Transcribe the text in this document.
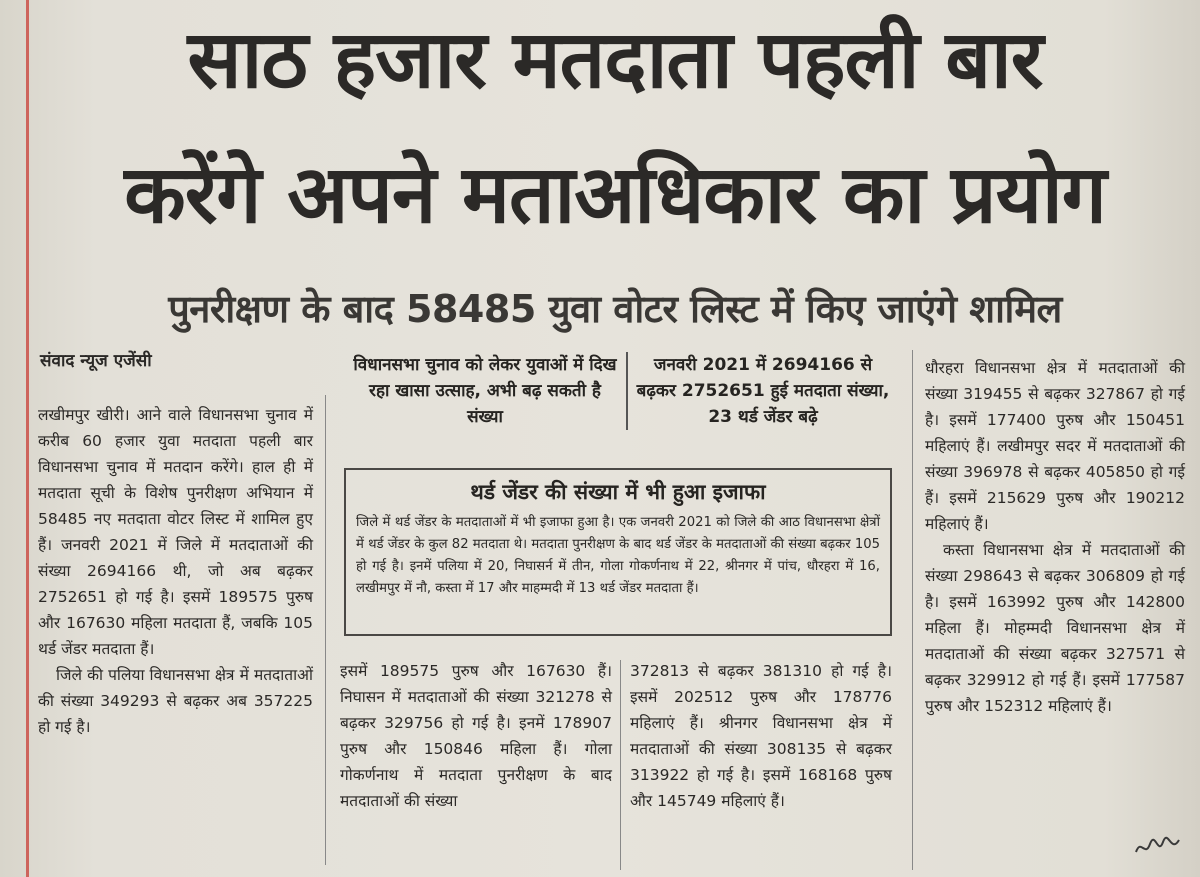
साठ हजार मतदाता पहली बार
करेंगे अपने मताअधिकार का प्रयोग
पुनरीक्षण के बाद 58485 युवा वोटर लिस्ट में किए जाएंगे शामिल
संवाद न्यूज एजेंसी

लखीमपुर खीरी। आने वाले विधानसभा चुनाव में करीब 60 हजार युवा मतदाता पहली बार विधानसभा चुनाव में मतदान करेंगे। हाल ही में मतदाता सूची के विशेष पुनरीक्षण अभियान में 58485 नए मतदाता वोटर लिस्ट में शामिल हुए हैं। जनवरी 2021 में जिले में मतदाताओं की संख्या 2694166 थी, जो अब बढ़कर 2752651 हो गई है। इसमें 189575 पुरुष और 167630 महिला मतदाता हैं, जबकि 105 थर्ड जेंडर मतदाता हैं।

जिले की पलिया विधानसभा क्षेत्र में मतदाताओं की संख्या 349293 से बढ़कर अब 357225 हो गई है।

विधानसभा चुनाव को लेकर युवाओं में दिख रहा खासा उत्साह, अभी बढ़ सकती है संख्या
जनवरी 2021 में 2694166 से बढ़कर 2752651 हुई मतदाता संख्या, 23 थर्ड जेंडर बढ़े
थर्ड जेंडर की संख्या में भी हुआ इजाफा

जिले में थर्ड जेंडर के मतदाताओं में भी इजाफा हुआ है। एक जनवरी 2021 को जिले की आठ विधानसभा क्षेत्रों में थर्ड जेंडर के कुल 82 मतदाता थे। मतदाता पुनरीक्षण के बाद थर्ड जेंडर के मतदाताओं की संख्या बढ़कर 105 हो गई है। इनमें पलिया में 20, निघासर्न में तीन, गोला गोकर्णनाथ में 22, श्रीनगर में पांच, धौरहरा में 16, लखीमपुर में नौ, कस्ता में 17 और माहम्मदी में 13 थर्ड जेंडर मतदाता हैं।

इसमें 189575 पुरुष और 167630 हैं। निघासन में मतदाताओं की संख्या 321278 से बढ़कर 329756 हो गई है। इनमें 178907 पुरुष और 150846 महिला हैं। गोला गोकर्णनाथ में मतदाता पुनरीक्षण के बाद मतदाताओं की संख्या

372813 से बढ़कर 381310 हो गई है। इसमें 202512 पुरुष और 178776 महिलाएं हैं। श्रीनगर विधानसभा क्षेत्र में मतदाताओं की संख्या 308135 से बढ़कर 313922 हो गई है। इसमें 168168 पुरुष और 145749 महिलाएं हैं।

धौरहरा विधानसभा क्षेत्र में मतदाताओं की संख्या 319455 से बढ़कर 327867 हो गई है। इसमें 177400 पुरुष और 150451 महिलाएं हैं। लखीमपुर सदर में मतदाताओं की संख्या 396978 से बढ़कर 405850 हो गई हैं। इसमें 215629 पुरुष और 190212 महिलाएं हैं।

कस्ता विधानसभा क्षेत्र में मतदाताओं की संख्या 298643 से बढ़कर 306809 हो गई है। इसमें 163992 पुरुष और 142800 महिला हैं। मोहम्मदी विधानसभा क्षेत्र में मतदाताओं की संख्या बढ़कर 327571 से बढ़कर 329912 हो गई हैं। इसमें 177587 पुरुष और 152312 महिलाएं हैं।
